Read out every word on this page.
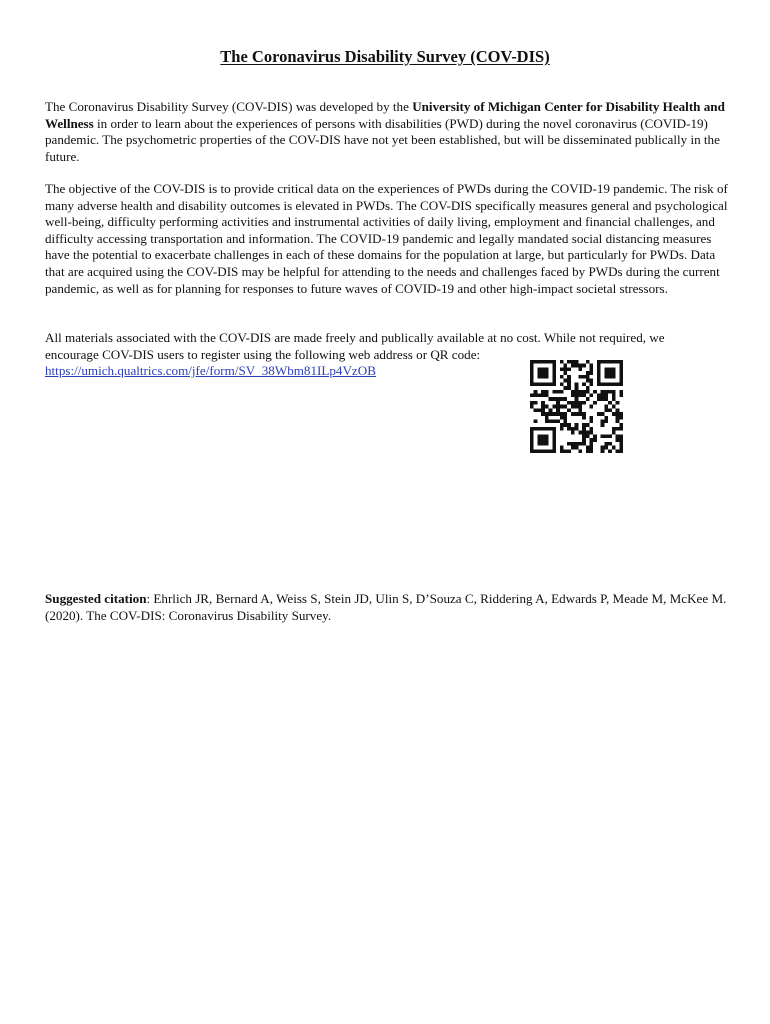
The Coronavirus Disability Survey (COV-DIS)

The Coronavirus Disability Survey (COV-DIS) was developed by the University of Michigan Center for Disability Health and Wellness in order to learn about the experiences of persons with disabilities (PWD) during the novel coronavirus (COVID-19) pandemic. The psychometric properties of the COV-DIS have not yet been established, but will be disseminated publically in the future.

The objective of the COV-DIS is to provide critical data on the experiences of PWDs during the COVID-19 pandemic. The risk of many adverse health and disability outcomes is elevated in PWDs. The COV-DIS specifically measures general and psychological well-being, difficulty performing activities and instrumental activities of daily living, employment and financial challenges, and difficulty accessing transportation and information. The COVID-19 pandemic and legally mandated social distancing measures have the potential to exacerbate challenges in each of these domains for the population at large, but particularly for PWDs. Data that are acquired using the COV-DIS may be helpful for attending to the needs and challenges faced by PWDs during the current pandemic, as well as for planning for responses to future waves of COVID-19 and other high-impact societal stressors.

All materials associated with the COV-DIS are made freely and publically available at no cost. While not required, we encourage COV-DIS users to register using the following web address or QR code:
https://umich.qualtrics.com/jfe/form/SV_38Wbm81ILp4VzOB

Suggested citation: Ehrlich JR, Bernard A, Weiss S, Stein JD, Ulin S, D’Souza C, Riddering A, Edwards P, Meade M, McKee M. (2020). The COV-DIS: Coronavirus Disability Survey.
